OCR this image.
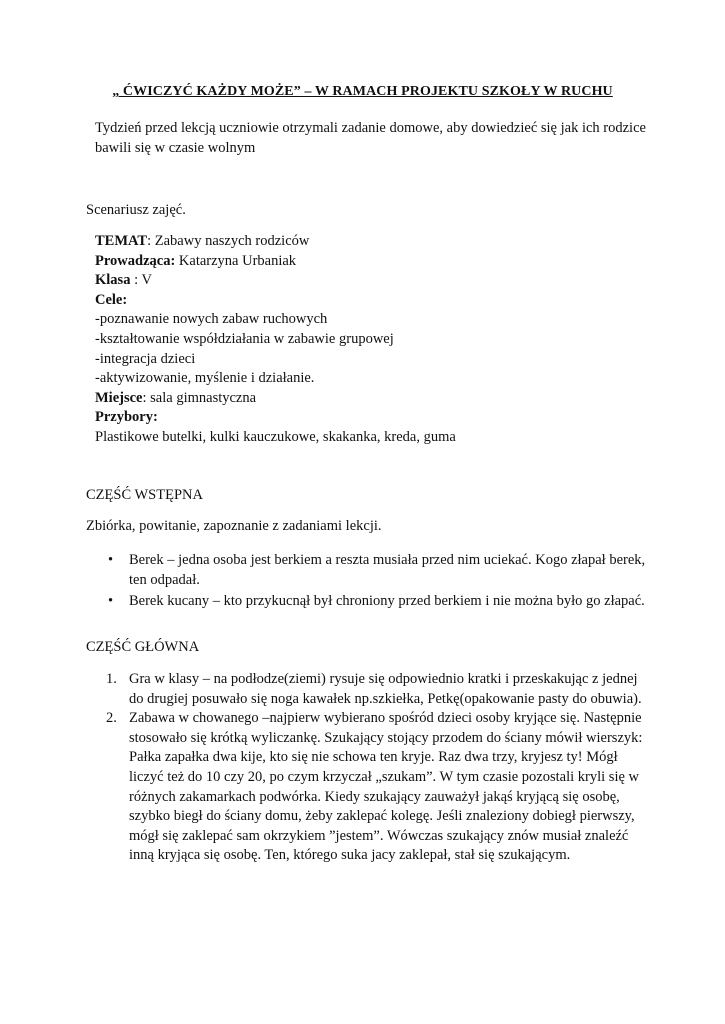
„ ĆWICZYĆ KAŻDY MOŻE” – W RAMACH PROJEKTU SZKOŁY W RUCHU
Tydzień przed lekcją uczniowie otrzymali zadanie domowe, aby dowiedzieć się jak ich rodzice bawili się w czasie wolnym
Scenariusz zajęć.
TEMAT: Zabawy naszych rodziców
Prowadząca: Katarzyna Urbaniak
Klasa : V
Cele:
-poznawanie nowych zabaw ruchowych
-kształtowanie współdziałania w zabawie grupowej
-integracja dzieci
-aktywizowanie, myślenie i działanie.
Miejsce: sala gimnastyczna
Przybory:
Plastikowe butelki, kulki kauczukowe, skakanka, kreda, guma
CZĘŚĆ WSTĘPNA
Zbiórka, powitanie, zapoznanie z zadaniami lekcji.
• Berek – jedna osoba jest berkiem a reszta musiała przed nim uciekać. Kogo złapał berek, ten odpadał.
• Berek kucany – kto przykucnął był chroniony przed berkiem i nie można było go złapać.
CZĘŚĆ GŁÓWNA
1. Gra w klasy – na podłodze(ziemi) rysuje się odpowiednio kratki i przeskakując z jednej do drugiej posuwało się noga kawałek np.szkiełka, Petkę(opakowanie pasty do obuwia).
2. Zabawa w chowanego –najpierw wybierano spośród dzieci osoby kryjące się. Następnie stosowało się krótką wyliczankę. Szukający stojący przodem do ściany mówił wierszyk: Pałka zapałka dwa kije, kto się nie schowa ten kryje. Raz dwa trzy, kryjesz ty! Mógł liczyć też do 10 czy 20, po czym krzyczał „szukam”. W tym czasie pozostali kryli się w różnych zakamarkach podwórka. Kiedy szukający zauważył jakąś kryjącą się osobę, szybko biegł do ściany domu, żeby zaklepać kolegę. Jeśli znaleziony dobiegł pierwszy, mógł się zaklepać sam okrzykiem ”jestem”. Wówczas szukający znów musiał znaleźć inną kryjąca się osobę. Ten, którego suka jacy zaklepał, stał się szukającym.
